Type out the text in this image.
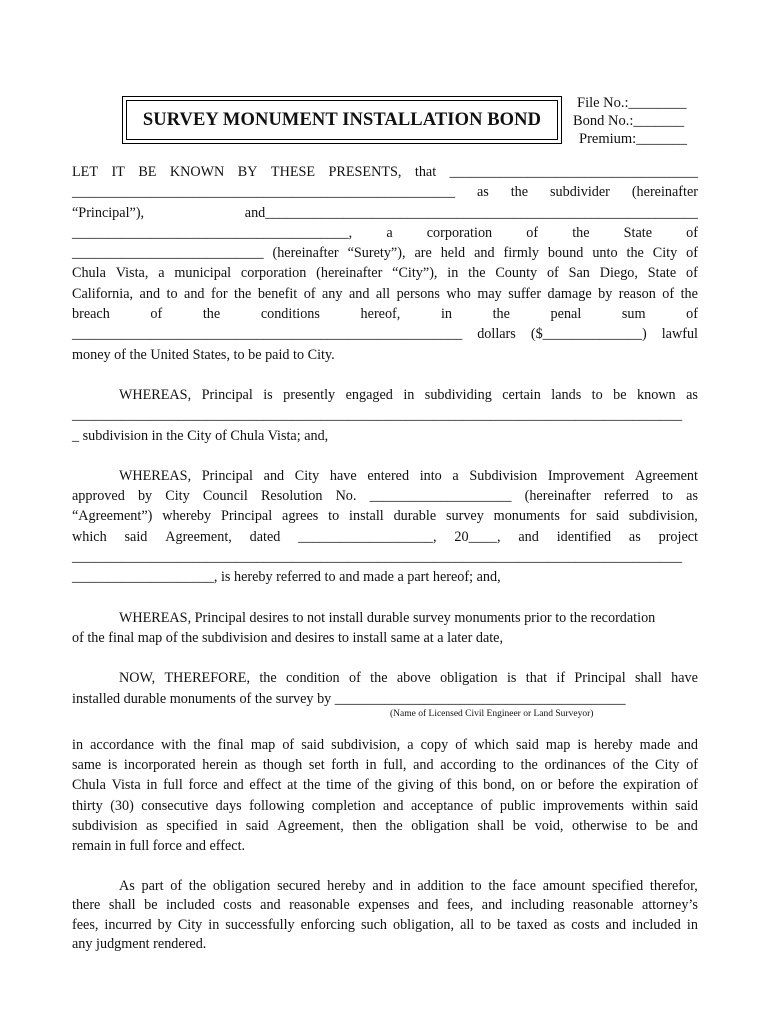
SURVEY MONUMENT INSTALLATION BOND
File No.:________
Bond No.:_______
Premium:_______
LET IT BE KNOWN BY THESE PRESENTS, that ___________________________________
______________________________________________________ as the subdivider (hereinafter
“Principal”),	and_____________________________________________________________
_______________________________________, a corporation of the State of
___________________________ (hereinafter “Surety”), are held and firmly bound unto the City of
Chula Vista, a municipal corporation (hereinafter “City”), in the County of San Diego, State of
California, and to and for the benefit of any and all persons who may suffer damage by reason of the
breach	of	the	conditions	hereof,	in	the	penal	sum	of
_______________________________________________________ dollars ($______________) lawful
money of the United States, to be paid to City.
WHEREAS, Principal is presently engaged in subdividing certain lands to be known as
______________________________________________________________________________________
_ subdivision in the City of Chula Vista; and,
WHEREAS, Principal and City have entered into a Subdivision Improvement Agreement
approved by City Council Resolution No. ____________________ (hereinafter referred to as
“Agreement”) whereby Principal agrees to install durable survey monuments for said subdivision,
which said Agreement, dated ___________________, 20____, and identified as project
______________________________________________________________________________________
____________________, is hereby referred to and made a part hereof; and,
WHEREAS, Principal desires to not install durable survey monuments prior to the recordation
of the final map of the subdivision and desires to install same at a later date,
NOW, THEREFORE, the condition of the above obligation is that if Principal shall have
installed durable monuments of the survey by _________________________________________
(Name of Licensed Civil Engineer or Land Surveyor)
in accordance with the final map of said subdivision, a copy of which said map is hereby made and
same is incorporated herein as though set forth in full, and according to the ordinances of the City of
Chula Vista in full force and effect at the time of the giving of this bond, on or before the expiration of
thirty (30) consecutive days following completion and acceptance of public improvements within said
subdivision as specified in said Agreement, then the obligation shall be void, otherwise to be and
remain in full force and effect.
As part of the obligation secured hereby and in addition to the face amount specified therefor,
there shall be included costs and reasonable expenses and fees, and including reasonable attorney’s
fees, incurred by City in successfully enforcing such obligation, all to be taxed as costs and included in
any judgment rendered.
